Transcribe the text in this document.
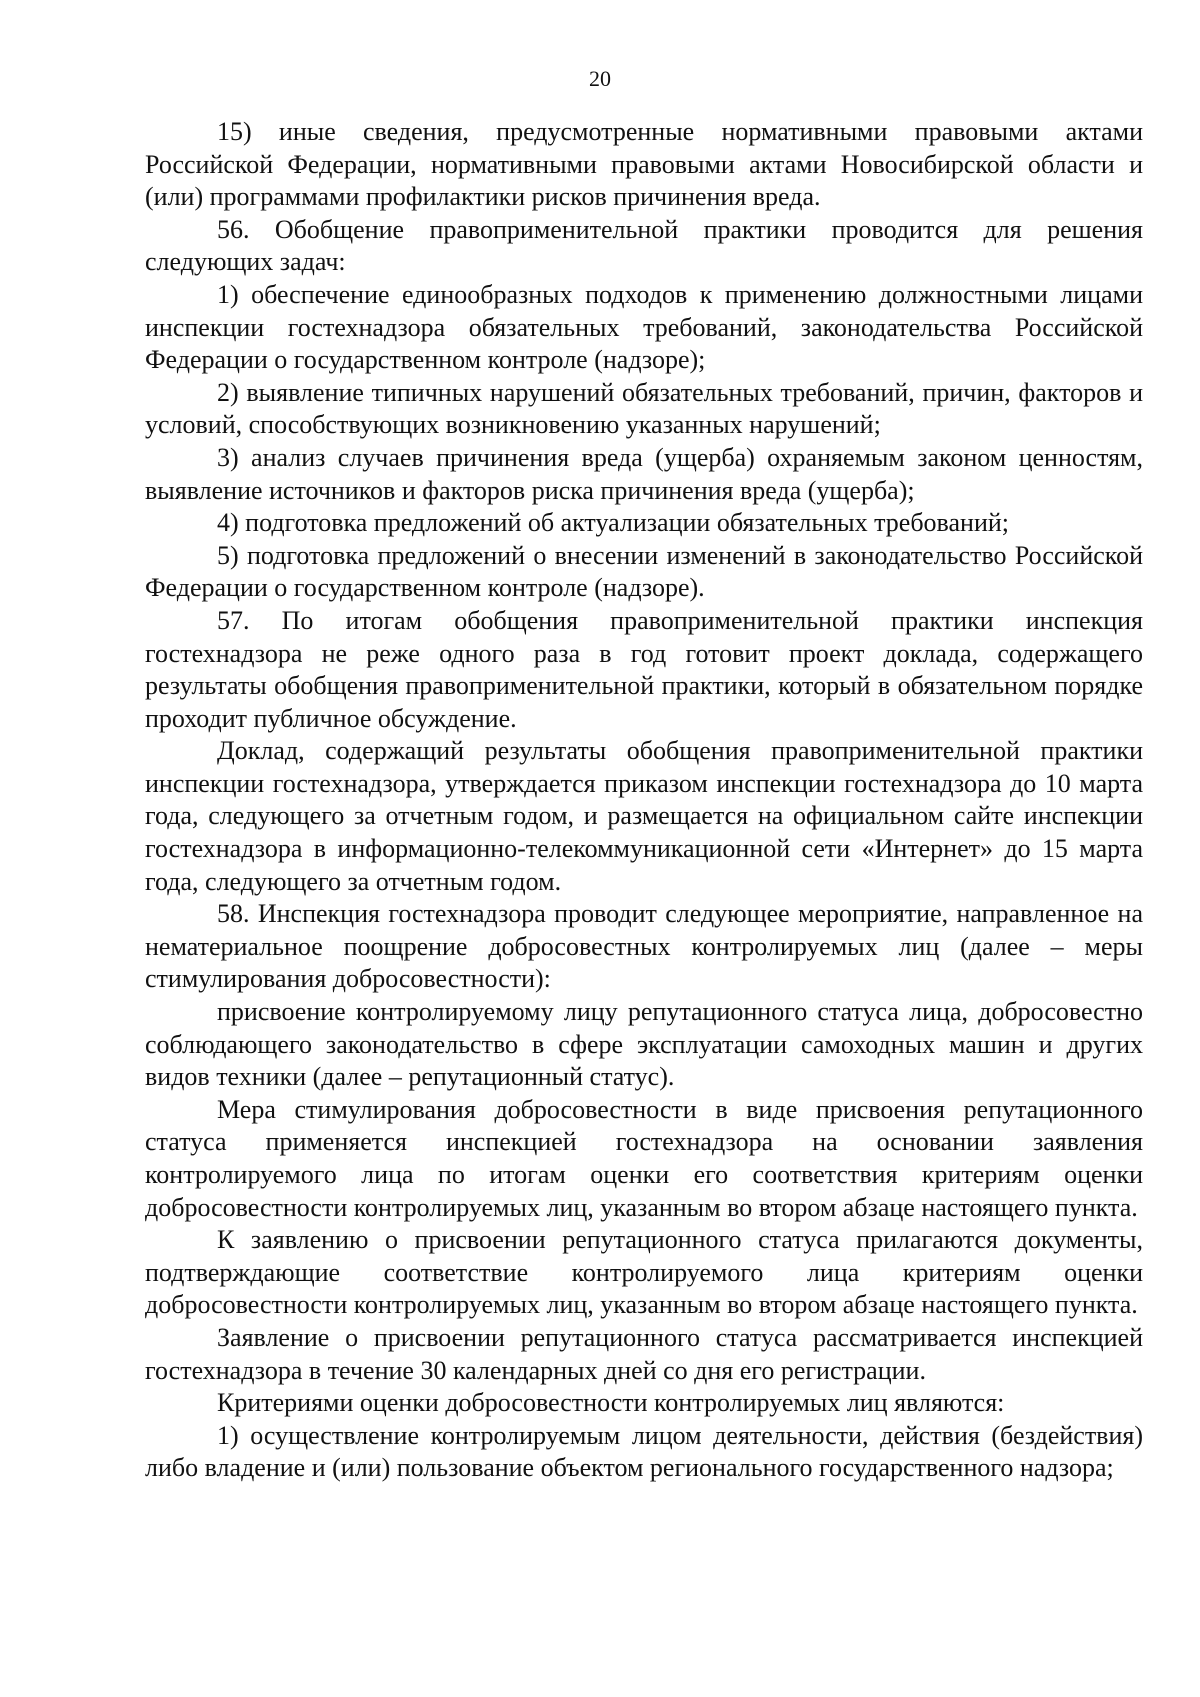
20

15) иные сведения, предусмотренные нормативными правовыми актами Российской Федерации, нормативными правовыми актами Новосибирской области и (или) программами профилактики рисков причинения вреда.

56. Обобщение правоприменительной практики проводится для решения следующих задач:

1) обеспечение единообразных подходов к применению должностными лицами инспекции гостехнадзора обязательных требований, законодательства Российской Федерации о государственном контроле (надзоре);

2) выявление типичных нарушений обязательных требований, причин, факторов и условий, способствующих возникновению указанных нарушений;

3) анализ случаев причинения вреда (ущерба) охраняемым законом ценностям, выявление источников и факторов риска причинения вреда (ущерба);

4) подготовка предложений об актуализации обязательных требований;

5) подготовка предложений о внесении изменений в законодательство Российской Федерации о государственном контроле (надзоре).

57. По итогам обобщения правоприменительной практики инспекция гостехнадзора не реже одного раза в год готовит проект доклада, содержащего результаты обобщения правоприменительной практики, который в обязательном порядке проходит публичное обсуждение.

Доклад, содержащий результаты обобщения правоприменительной практики инспекции гостехнадзора, утверждается приказом инспекции гостехнадзора до 10 марта года, следующего за отчетным годом, и размещается на официальном сайте инспекции гостехнадзора в информационно-телекоммуникационной сети «Интернет» до 15 марта года, следующего за отчетным годом.

58. Инспекция гостехнадзора проводит следующее мероприятие, направленное на нематериальное поощрение добросовестных контролируемых лиц (далее – меры стимулирования добросовестности):

присвоение контролируемому лицу репутационного статуса лица, добросовестно соблюдающего законодательство в сфере эксплуатации самоходных машин и других видов техники (далее – репутационный статус).

Мера стимулирования добросовестности в виде присвоения репутационного статуса применяется инспекцией гостехнадзора на основании заявления контролируемого лица по итогам оценки его соответствия критериям оценки добросовестности контролируемых лиц, указанным во втором абзаце настоящего пункта.

К заявлению о присвоении репутационного статуса прилагаются документы, подтверждающие соответствие контролируемого лица критериям оценки добросовестности контролируемых лиц, указанным во втором абзаце настоящего пункта.

Заявление о присвоении репутационного статуса рассматривается инспекцией гостехнадзора в течение 30 календарных дней со дня его регистрации.

Критериями оценки добросовестности контролируемых лиц являются:

1) осуществление контролируемым лицом деятельности, действия (бездействия) либо владение и (или) пользование объектом регионального государственного надзора;
